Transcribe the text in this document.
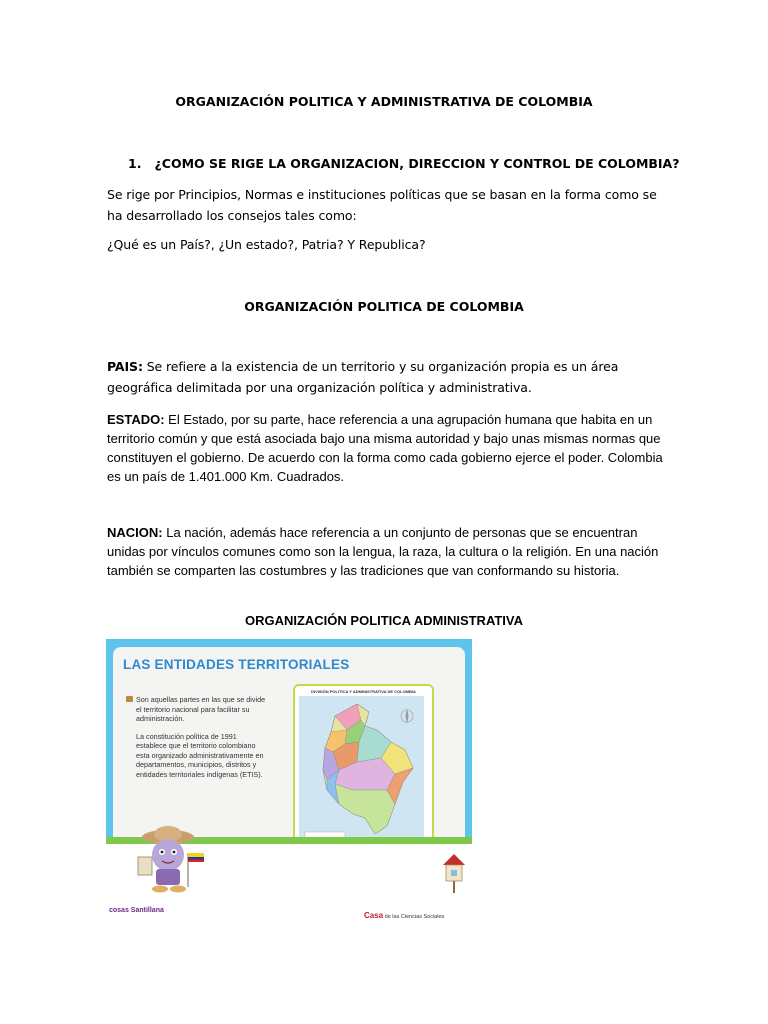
ORGANIZACIÓN POLITICA Y ADMINISTRATIVA DE COLOMBIA
1. ¿COMO SE RIGE LA ORGANIZACION, DIRECCION Y CONTROL DE COLOMBIA?
Se rige por Principios, Normas e instituciones políticas que se basan en la forma como se ha desarrollado los consejos tales como:
¿Qué es un País?, ¿Un estado?, Patria? Y Republica?
ORGANIZACIÓN POLITICA DE COLOMBIA
PAIS: Se refiere a la existencia de un territorio y su organización propia es un área geográfica delimitada por una organización política y administrativa.
ESTADO: El Estado, por su parte, hace referencia a una agrupación humana que habita en un territorio común y que está asociada bajo una misma autoridad y bajo unas mismas normas que constituyen el gobierno. De acuerdo con la forma como cada gobierno ejerce el poder. Colombia es un país de 1.401.000 Km. Cuadrados.
NACION: La nación, además hace referencia a un conjunto de personas que se encuentran unidas por vínculos comunes como son la lengua, la raza, la cultura o la religión. En una nación también se comparten las costumbres y las tradiciones que van conformando su historia.
ORGANIZACIÓN POLITICA ADMINISTRATIVA
LAS ENTIDADES TERRITORIALES

Son aquellas partes en las que se divide el territorio nacional para facilitar su administración.

La constitución política de 1991 establece que el territorio colombiano esta organizado administrativamente en departamentos, municipios, distritos y entidades territoriales indígenas (ETIS).

DIVISIÓN POLÍTICA Y ADMINISTRATIVA DE COLOMBIA
cosas Santillana
Casa de las Ciencias Sociales
